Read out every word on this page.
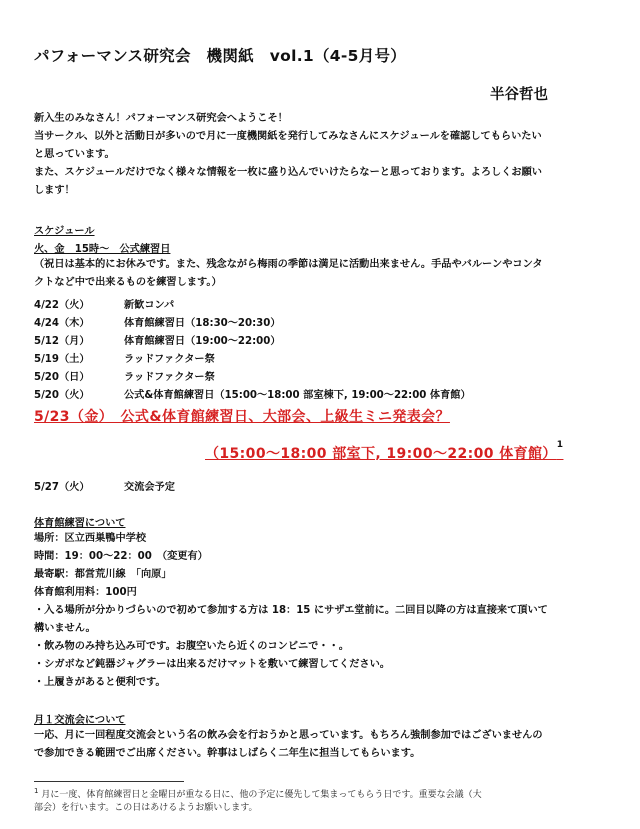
パフォーマンス研究会　機関紙　vol.1（4-5月号）
半谷哲也
新入生のみなさん！パフォーマンス研究会へようこそ！
当サークル、以外と活動日が多いので月に一度機関紙を発行してみなさんにスケジュールを確認してもらいたい
と思っています。
また、スケジュールだけでなく様々な情報を一枚に盛り込んでいけたらなーと思っております。よろしくお願い
します！
スケジュール
火、金　15時～　公式練習日
（祝日は基本的にお休みです。また、残念ながら梅雨の季節は満足に活動出来ません。手品やバルーンやコンタ
クトなど中で出来るものを練習します。）
4/22（火）	新歓コンパ
4/24（木）	体育館練習日（18:30～20:30）
5/12（月）	体育館練習日（19:00～22:00）
5/19（土）	ラッドファクター祭
5/20（日）	ラッドファクター祭
5/20（火）	公式&体育館練習日（15:00～18:00 部室棟下, 19:00～22:00 体育館）
5/23（金）　公式&体育館練習日、大部会、上級生ミニ発表会？
（15:00～18:00 部室下, 19:00～22:00 体育館）$^1$
5/27（火）	交流会予定
体育館練習について
場所：区立西巣鴨中学校
時間：19：00～22：00　（変更有）
最寄駅：都営荒川線　「向原」
体育館利用料：100円
・入る場所が分かりづらいので初めて参加する方は 18：15 にサザエ堂前に。二回目以降の方は直接来て頂いて
構いません。
・飲み物のみ持ち込み可です。お腹空いたら近くのコンビニで・・。
・シガボなど鈍器ジャグラーは出来るだけマットを敷いて練習してください。
・上履きがあると便利です。
月１交流会について
一応、月に一回程度交流会という名の飲み会を行おうかと思っています。もちろん強制参加ではございませんの
で参加できる範囲でご出席ください。幹事はしばらく二年生に担当してもらいます。
$^1$ 月に一度、体育館練習日と金曜日が重なる日に、他の予定に優先して集まってもらう日です。重要な会議（大
部会）を行います。この日はあけるようお願いします。
